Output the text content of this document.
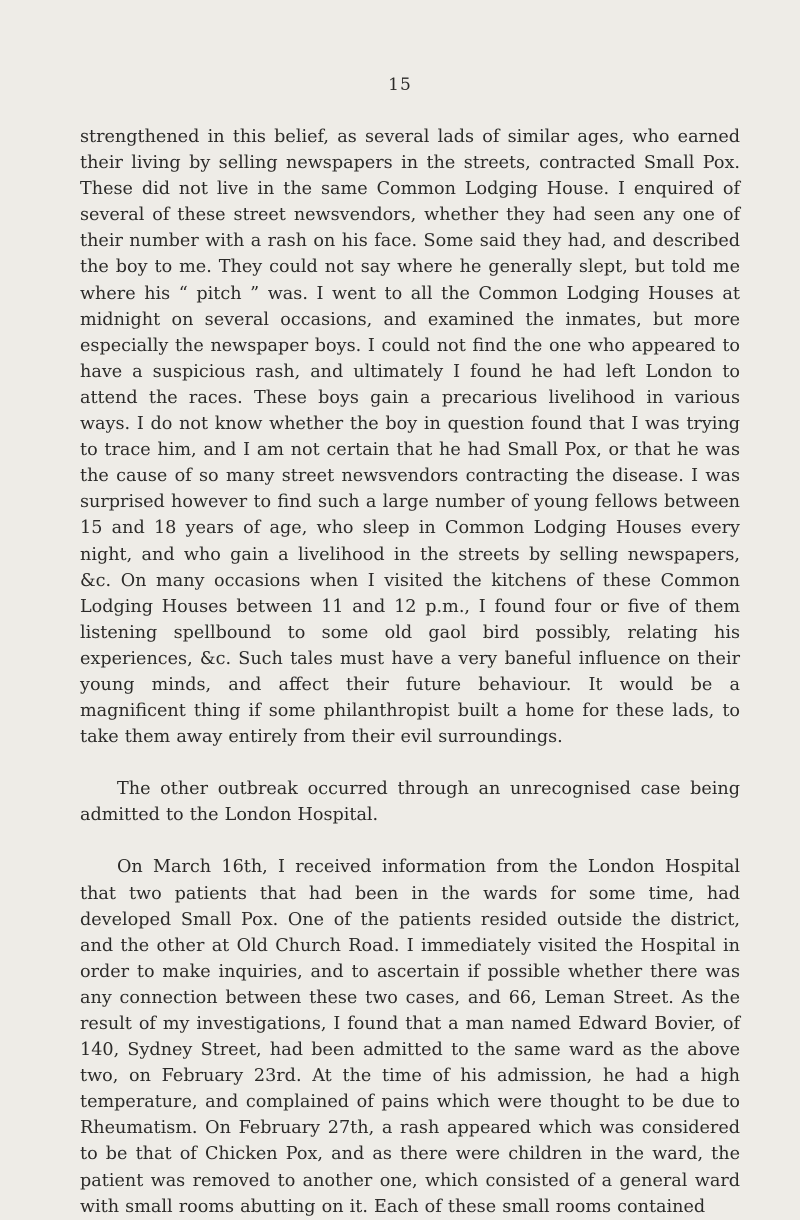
15

strengthened in this belief, as several lads of similar ages, who earned their living by selling newspapers in the streets, contracted Small Pox. These did not live in the same Common Lodging House. I enquired of several of these street newsvendors, whether they had seen any one of their number with a rash on his face. Some said they had, and described the boy to me. They could not say where he generally slept, but told me where his “ pitch ” was. I went to all the Common Lodging Houses at midnight on several occasions, and examined the inmates, but more especially the newspaper boys. I could not find the one who appeared to have a suspicious rash, and ultimately I found he had left London to attend the races. These boys gain a precarious livelihood in various ways. I do not know whether the boy in question found that I was trying to trace him, and I am not certain that he had Small Pox, or that he was the cause of so many street newsvendors contracting the disease. I was surprised however to find such a large number of young fellows between 15 and 18 years of age, who sleep in Common Lodging Houses every night, and who gain a livelihood in the streets by selling newspapers, &c. On many occasions when I visited the kitchens of these Common Lodging Houses between 11 and 12 p.m., I found four or five of them listening spellbound to some old gaol bird possibly, relating his experiences, &c. Such tales must have a very baneful influence on their young minds, and affect their future behaviour. It would be a magnificent thing if some philanthropist built a home for these lads, to take them away entirely from their evil surroundings.

The other outbreak occurred through an unrecognised case being admitted to the London Hospital.

On March 16th, I received information from the London Hospital that two patients that had been in the wards for some time, had developed Small Pox. One of the patients resided outside the district, and the other at Old Church Road. I immediately visited the Hospital in order to make inquiries, and to ascertain if possible whether there was any connection between these two cases, and 66, Leman Street. As the result of my investigations, I found that a man named Edward Bovier, of 140, Sydney Street, had been admitted to the same ward as the above two, on February 23rd. At the time of his admission, he had a high temperature, and complained of pains which were thought to be due to Rheumatism. On February 27th, a rash appeared which was considered to be that of Chicken Pox, and as there were children in the ward, the patient was removed to another one, which consisted of a general ward with small rooms abutting on it. Each of these small rooms contained
